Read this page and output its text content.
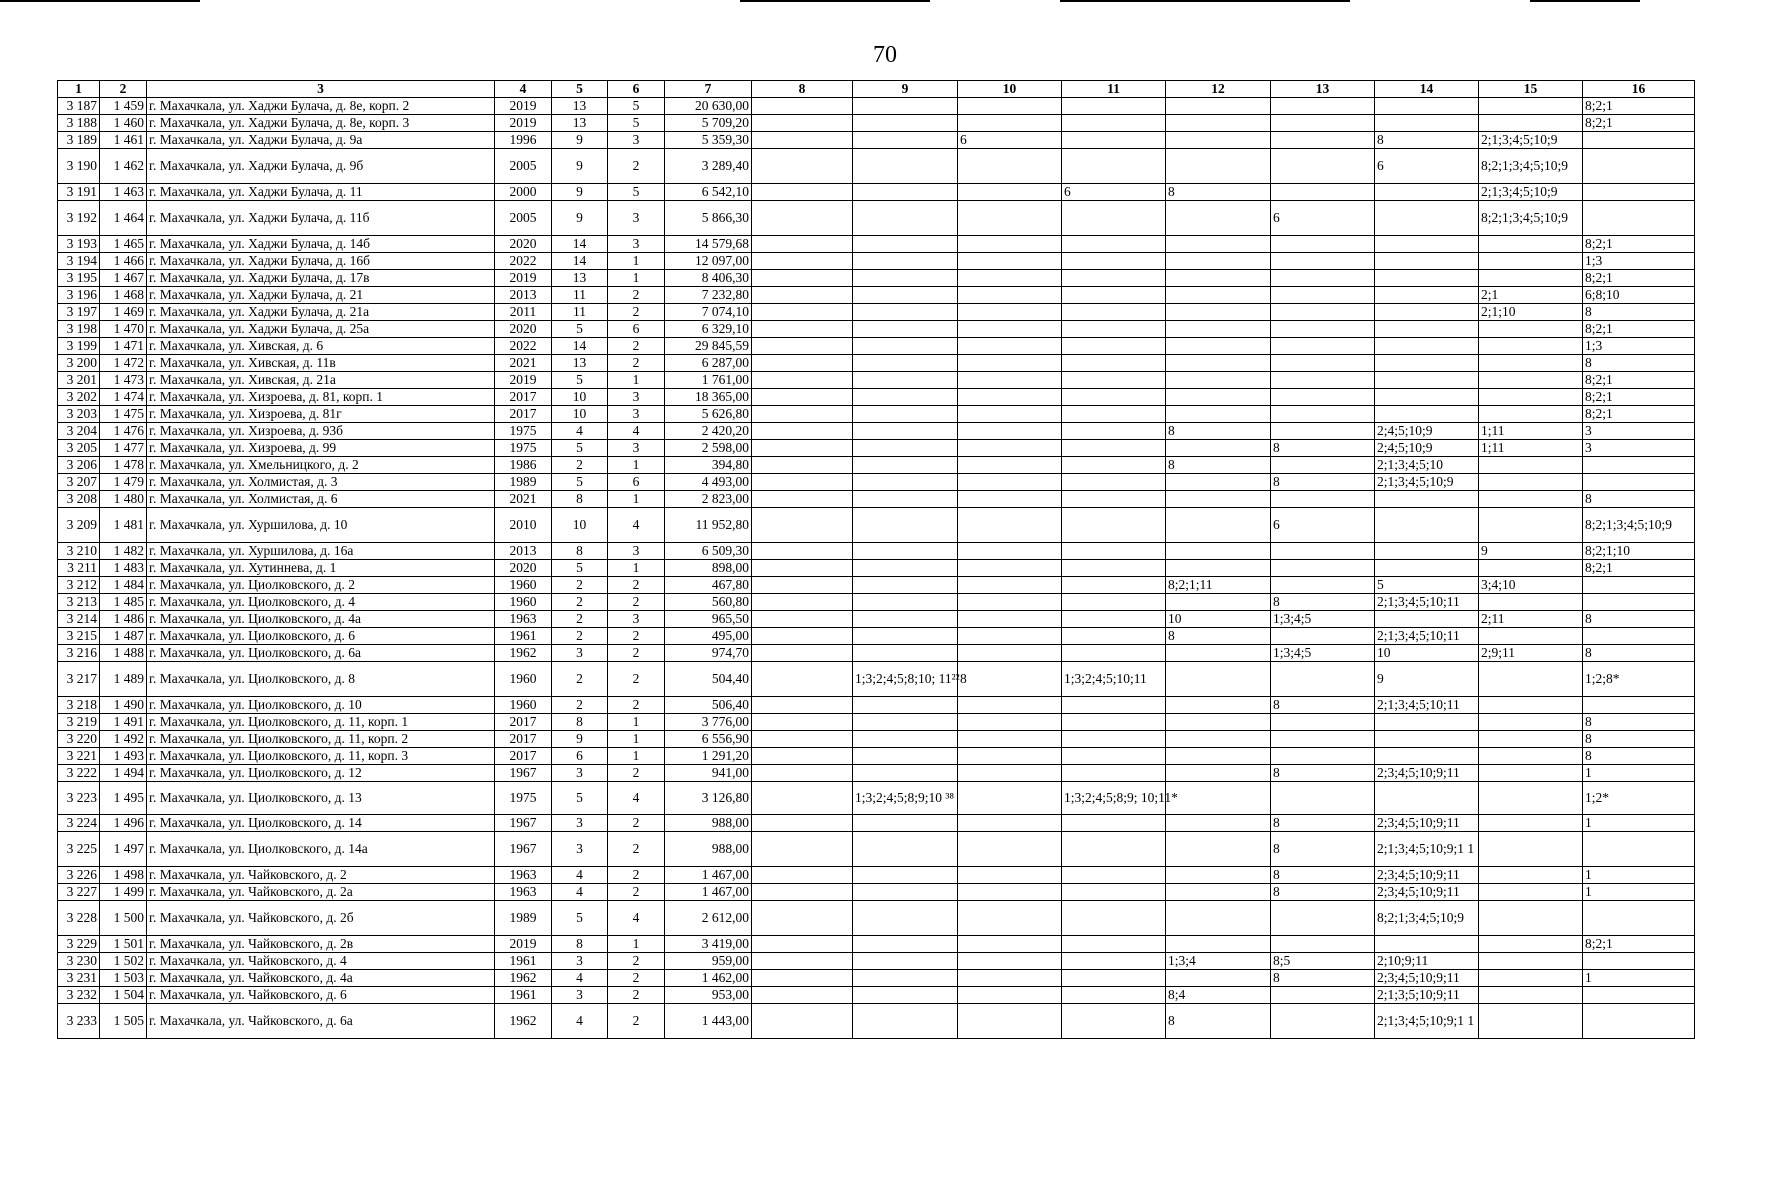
70
1	2	3	4	5	6	7	8	9	10	11	12	13	14	15	16
3 187	1 459	г. Махачкала, ул. Хаджи Булача, д. 8е, корп. 2	2019	13	5	20 630,00									8;2;1
3 188	1 460	г. Махачкала, ул. Хаджи Булача, д. 8е, корп. 3	2019	13	5	5 709,20									8;2;1
3 189	1 461	г. Махачкала, ул. Хаджи Булача, д. 9а	1996	9	3	5 359,30			6				8	2;1;3;4;5;10;9	
3 190	1 462	г. Махачкала, ул. Хаджи Булача, д. 9б	2005	9	2	3 289,40							6	8;2;1;3;4;5;10;9	
3 191	1 463	г. Махачкала, ул. Хаджи Булача, д. 11	2000	9	5	6 542,10				6	8			2;1;3;4;5;10;9	
3 192	1 464	г. Махачкала, ул. Хаджи Булача, д. 11б	2005	9	3	5 866,30						6		8;2;1;3;4;5;10;9	
3 193	1 465	г. Махачкала, ул. Хаджи Булача, д. 14б	2020	14	3	14 579,68									8;2;1
3 194	1 466	г. Махачкала, ул. Хаджи Булача, д. 16б	2022	14	1	12 097,00									1;3
3 195	1 467	г. Махачкала, ул. Хаджи Булача, д. 17в	2019	13	1	8 406,30									8;2;1
3 196	1 468	г. Махачкала, ул. Хаджи Булача, д. 21	2013	11	2	7 232,80								2;1	6;8;10
3 197	1 469	г. Махачкала, ул. Хаджи Булача, д. 21а	2011	11	2	7 074,10								2;1;10	8
3 198	1 470	г. Махачкала, ул. Хаджи Булача, д. 25а	2020	5	6	6 329,10									8;2;1
3 199	1 471	г. Махачкала, ул. Хивская, д. 6	2022	14	2	29 845,59									1;3
3 200	1 472	г. Махачкала, ул. Хивская, д. 11в	2021	13	2	6 287,00									8
3 201	1 473	г. Махачкала, ул. Хивская, д. 21а	2019	5	1	1 761,00									8;2;1
3 202	1 474	г. Махачкала, ул. Хизроева, д. 81, корп. 1	2017	10	3	18 365,00									8;2;1
3 203	1 475	г. Махачкала, ул. Хизроева, д. 81г	2017	10	3	5 626,80									8;2;1
3 204	1 476	г. Махачкала, ул. Хизроева, д. 93б	1975	4	4	2 420,20					8		2;4;5;10;9	1;11	3
3 205	1 477	г. Махачкала, ул. Хизроева, д. 99	1975	5	3	2 598,00						8	2;4;5;10;9	1;11	3
3 206	1 478	г. Махачкала, ул. Хмельницкого, д. 2	1986	2	1	394,80					8		2;1;3;4;5;10		
3 207	1 479	г. Махачкала, ул. Холмистая, д. 3	1989	5	6	4 493,00						8	2;1;3;4;5;10;9		
3 208	1 480	г. Махачкала, ул. Холмистая, д. 6	2021	8	1	2 823,00									8
3 209	1 481	г. Махачкала, ул. Хуршилова, д. 10	2010	10	4	11 952,80						6			8;2;1;3;4;5;10;9
3 210	1 482	г. Махачкала, ул. Хуршилова, д. 16а	2013	8	3	6 509,30								9	8;2;1;10
3 211	1 483	г. Махачкала, ул. Хутиннева, д. 1	2020	5	1	898,00									8;2;1
3 212	1 484	г. Махачкала, ул. Циолковского, д. 2	1960	2	2	467,80					8;2;1;11		5	3;4;10	
3 213	1 485	г. Махачкала, ул. Циолковского, д. 4	1960	2	2	560,80						8	2;1;3;4;5;10;11		
3 214	1 486	г. Махачкала, ул. Циолковского, д. 4а	1963	2	3	965,50					10	1;3;4;5		2;11	8
3 215	1 487	г. Махачкала, ул. Циолковского, д. 6	1961	2	2	495,00					8		2;1;3;4;5;10;11		
3 216	1 488	г. Махачкала, ул. Циолковского, д. 6а	1962	3	2	974,70						1;3;4;5	10	2;9;11	8
3 217	1 489	г. Махачкала, ул. Циолковского, д. 8	1960	2	2	504,40		1;3;2;4;5;8;10; 11²²	8	1;3;2;4;5;10;11			9		1;2;8*
3 218	1 490	г. Махачкала, ул. Циолковского, д. 10	1960	2	2	506,40						8	2;1;3;4;5;10;11		
3 219	1 491	г. Махачкала, ул. Циолковского, д. 11, корп. 1	2017	8	1	3 776,00									8
3 220	1 492	г. Махачкала, ул. Циолковского, д. 11, корп. 2	2017	9	1	6 556,90									8
3 221	1 493	г. Махачкала, ул. Циолковского, д. 11, корп. 3	2017	6	1	1 291,20									8
3 222	1 494	г. Махачкала, ул. Циолковского, д. 12	1967	3	2	941,00						8	2;3;4;5;10;9;11		1
3 223	1 495	г. Махачкала, ул. Циолковского, д. 13	1975	5	4	3 126,80		1;3;2;4;5;8;9;10 ³⁸		1;3;2;4;5;8;9; 10;11*					1;2*
3 224	1 496	г. Махачкала, ул. Циолковского, д. 14	1967	3	2	988,00						8	2;3;4;5;10;9;11		1
3 225	1 497	г. Махачкала, ул. Циолковского, д. 14а	1967	3	2	988,00						8	2;1;3;4;5;10;9;1 1		
3 226	1 498	г. Махачкала, ул. Чайковского, д. 2	1963	4	2	1 467,00						8	2;3;4;5;10;9;11		1
3 227	1 499	г. Махачкала, ул. Чайковского, д. 2а	1963	4	2	1 467,00						8	2;3;4;5;10;9;11		1
3 228	1 500	г. Махачкала, ул. Чайковского, д. 2б	1989	5	4	2 612,00							8;2;1;3;4;5;10;9		
3 229	1 501	г. Махачкала, ул. Чайковского, д. 2в	2019	8	1	3 419,00									8;2;1
3 230	1 502	г. Махачкала, ул. Чайковского, д. 4	1961	3	2	959,00					1;3;4	8;5	2;10;9;11		
3 231	1 503	г. Махачкала, ул. Чайковского, д. 4а	1962	4	2	1 462,00						8	2;3;4;5;10;9;11		1
3 232	1 504	г. Махачкала, ул. Чайковского, д. 6	1961	3	2	953,00					8;4		2;1;3;5;10;9;11		
3 233	1 505	г. Махачкала, ул. Чайковского, д. 6а	1962	4	2	1 443,00					8		2;1;3;4;5;10;9;1 1		
